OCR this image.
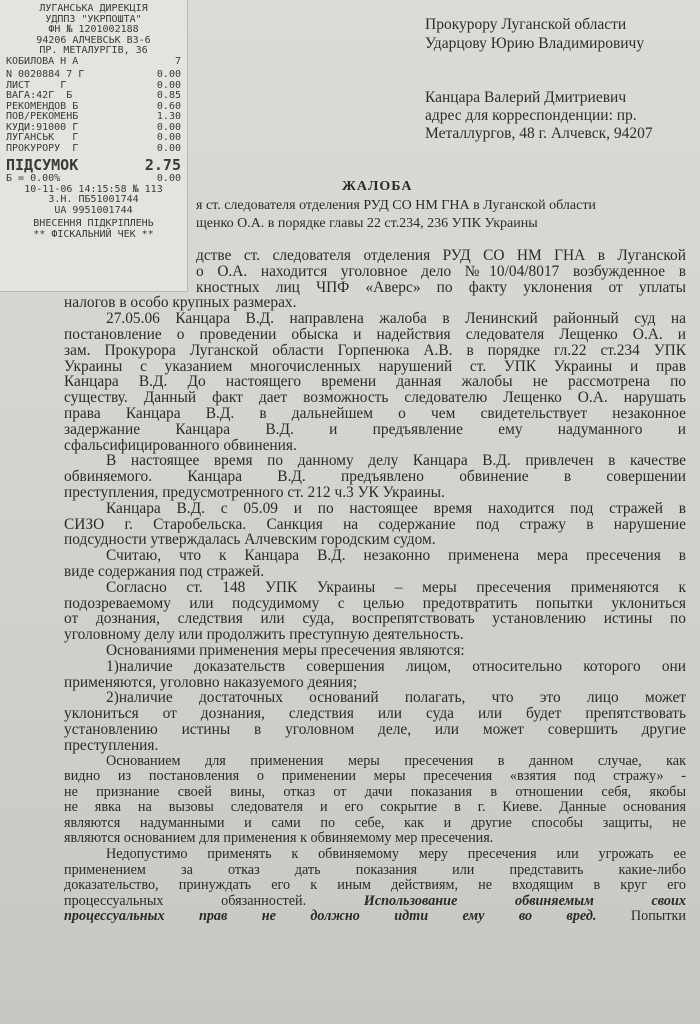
ЛУГАНСЬКА ДИРЕКЦІЯ
УДППЗ "УКРПОШТА"
ФН № 1201002188
94206 АЛЧЕВСЬК ВЗ-6
ПР. МЕТАЛУРГІВ, 36
КОБИЛОВА Н А	7
N 0020884 7 Г	0.00
ЛИСТ	Г	0.00
ВАГА:42Г Б	0.85
РЕКОМЕНДОВ Б	0.60
ПОВ/РЕКОМЕНБ	1.30
КУДИ:91000 Г	0.00
ЛУГАНСЬК Г	0.00
ПРОКУРОРУ Г	0.00
ПІДСУМОК	2.75
Б = 0.00%	0.00
10-11-06 14:15:58 № 113
З.Н. ПБ51001744
UA 9951001744
ВНЕСЕННЯ ПІДКРІПЛЕНЬ
** ФІСКАЛЬНИЙ ЧЕК **
Прокурору Луганской области
Ударцову Юрию Владимировичу
Канцара Валерий Дмитриевич
адрес для корреспонденции: пр.
Металлургов, 48 г. Алчевск, 94207
ЖАЛОБА
я ст. следователя отделения РУД СО НМ ГНА в Луганской области
щенко О.А. в порядке главы 22 ст.234, 236 УПК Украины
дстве ст. следователя отделения РУД СО НМ ГНА в Луганской
о О.А. находится уголовное дело №10/04/8017 возбужденное в
кностных лиц ЧПФ «Аверс» по факту уклонения от уплаты
налогов в особо крупных размерах.
27.05.06 Канцара В.Д. направлена жалоба в Ленинский районный суд на
постановление о проведении обыска и надействия следователя Лещенко О.А. и
зам. Прокурора Луганской области Горпенюка А.В. в порядке гл.22 ст.234 УПК
Украины с указанием многочисленных нарушений ст. УПК Украины и прав
Канцара В.Д. До настоящего времени данная жалобы не рассмотрена по
существу. Данный факт дает возможность следователю Лещенко О.А. нарушать
права Канцара В.Д. в дальнейшем о чем свидетельствует незаконное
задержание Канцара В.Д. и предъявление ему надуманного и
сфальсифицированного обвинения.
В настоящее время по данному делу Канцара В.Д. привлечен в качестве
обвиняемого. Канцара В.Д. предъявлено обвинение в совершении
преступления, предусмотренного ст. 212 ч.3 УК Украины.
Канцара В.Д. с 05.09 и по настоящее время находится под стражей в
СИЗО г. Старобельска. Санкция на содержание под стражу в нарушение
подсудности утверждалась Алчевским городским судом.
Считаю, что к Канцара В.Д. незаконно применена мера пресечения в
виде содержания под стражей.
Согласно ст. 148 УПК Украины – меры пресечения применяются к
подозреваемому или подсудимому с целью предотвратить попытки уклониться
от дознания, следствия или суда, воспрепятствовать установлению истины по
уголовному делу или продолжить преступную деятельность.
Основаниями применения меры пресечения являются:
1)наличие доказательств совершения лицом, относительно которого они
применяются, уголовно наказуемого деяния;
2)наличие достаточных оснований полагать, что это лицо может
уклониться от дознания, следствия или суда или будет препятствовать
установлению истины в уголовном деле, или может совершить другие
преступления.
Основанием для применения меры пресечения в данном случае, как
видно из постановления о применении меры пресечения «взятия под стражу» -
не признание своей вины, отказ от дачи показания в отношении себя, якобы
не явка на вызовы следователя и его сокрытие в г. Киеве. Данные основания
являются надуманными и сами по себе, как и другие способы защиты, не
являются основанием для применения к обвиняемому мер пресечения.
Недопустимо применять к обвиняемому меру пресечения или угрожать ее
применением за отказ дать показания или представить какие-либо
доказательство, принуждать его к иным действиям, не входящим в круг его
процессуальных обязанностей.	Использование обвиняемым своих
процессуальных прав не должно идти ему во вред. Попытки
